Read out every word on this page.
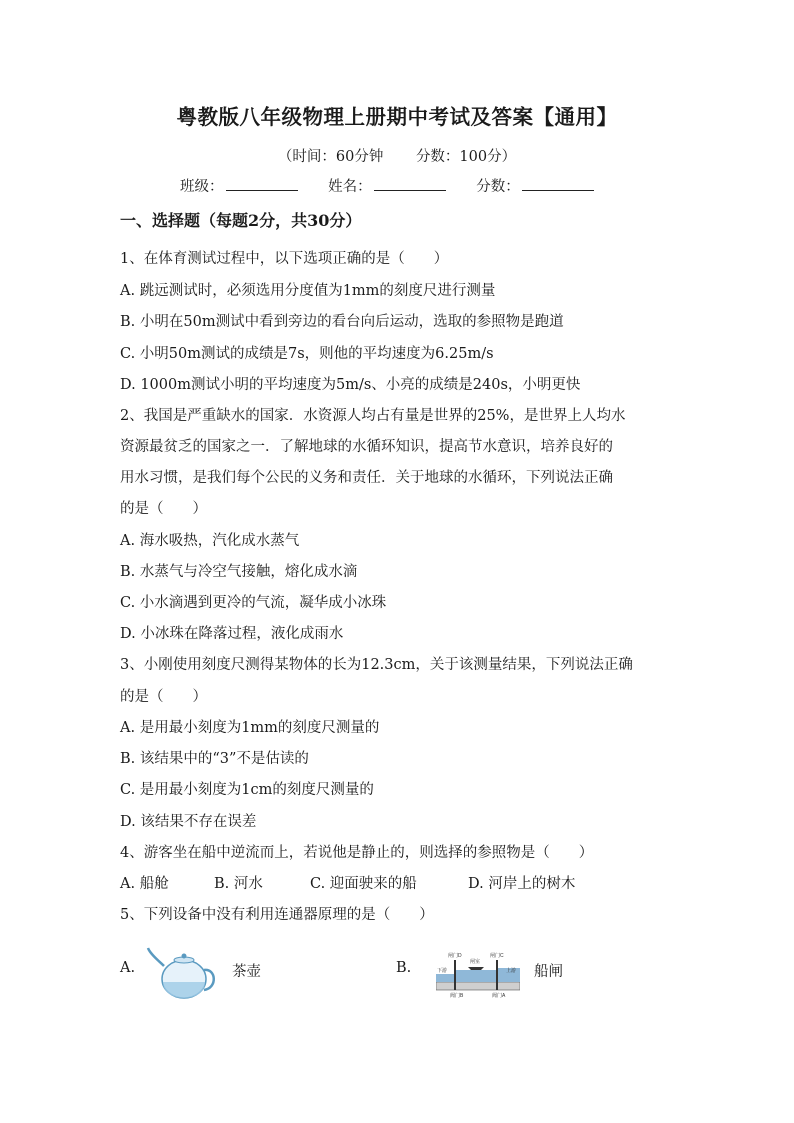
粤教版八年级物理上册期中考试及答案【通用】
（时间：60分钟 分数：100分）
班级：	姓名：	分数：
一、选择题（每题2分，共30分）
1、在体育测试过程中，以下选项正确的是（　　）
A. 跳远测试时，必须选用分度值为1mm的刻度尺进行测量
B. 小明在50m测试中看到旁边的看台向后运动，选取的参照物是跑道
C. 小明50m测试的成绩是7s，则他的平均速度为6.25m/s
D. 1000m测试小明的平均速度为5m/s、小亮的成绩是240s，小明更快
2、我国是严重缺水的国家．水资源人均占有量是世界的25%，是世界上人均水
资源最贫乏的国家之一．了解地球的水循环知识，提高节水意识，培养良好的
用水习惯，是我们每个公民的义务和责任．关于地球的水循环，下列说法正确
的是（　　）
A. 海水吸热，汽化成水蒸气
B. 水蒸气与冷空气接触，熔化成水滴
C. 小水滴遇到更冷的气流，凝华成小冰珠
D. 小冰珠在降落过程，液化成雨水
3、小刚使用刻度尺测得某物体的长为12.3cm，关于该测量结果，下列说法正确
的是（　　）
A. 是用最小刻度为1mm的刻度尺测量的
B. 该结果中的“3”不是估读的
C. 是用最小刻度为1cm的刻度尺测量的
D. 该结果不存在误差
4、游客坐在船中逆流而上，若说他是静止的，则选择的参照物是（　　）
A. 船舱	B. 河水	C. 迎面驶来的船	D. 河岸上的树木
5、下列设备中没有利用连通器原理的是（　　）
A.	茶壶	B.
闸门D	闸门C
闸室
下游	上游
阀门B	阀门A
船闸
